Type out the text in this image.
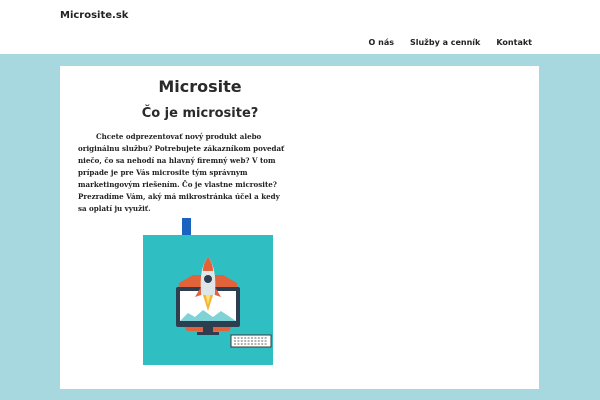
Microsite.sk
O nás Služby a cenník Kontakt
Microsite
Čo je microsite?

Chcete odprezentovať nový produkt alebo originálnu službu? Potrebujete zákazníkom povedať niečo, čo sa nehodí na hlavný firemný web? V tom prípade je pre Vás microsite tým správnym marketingovým riešením. Čo je vlastne microsite? Prezradíme Vám, aký má mikrostránka účel a kedy sa oplatí ju využiť.
